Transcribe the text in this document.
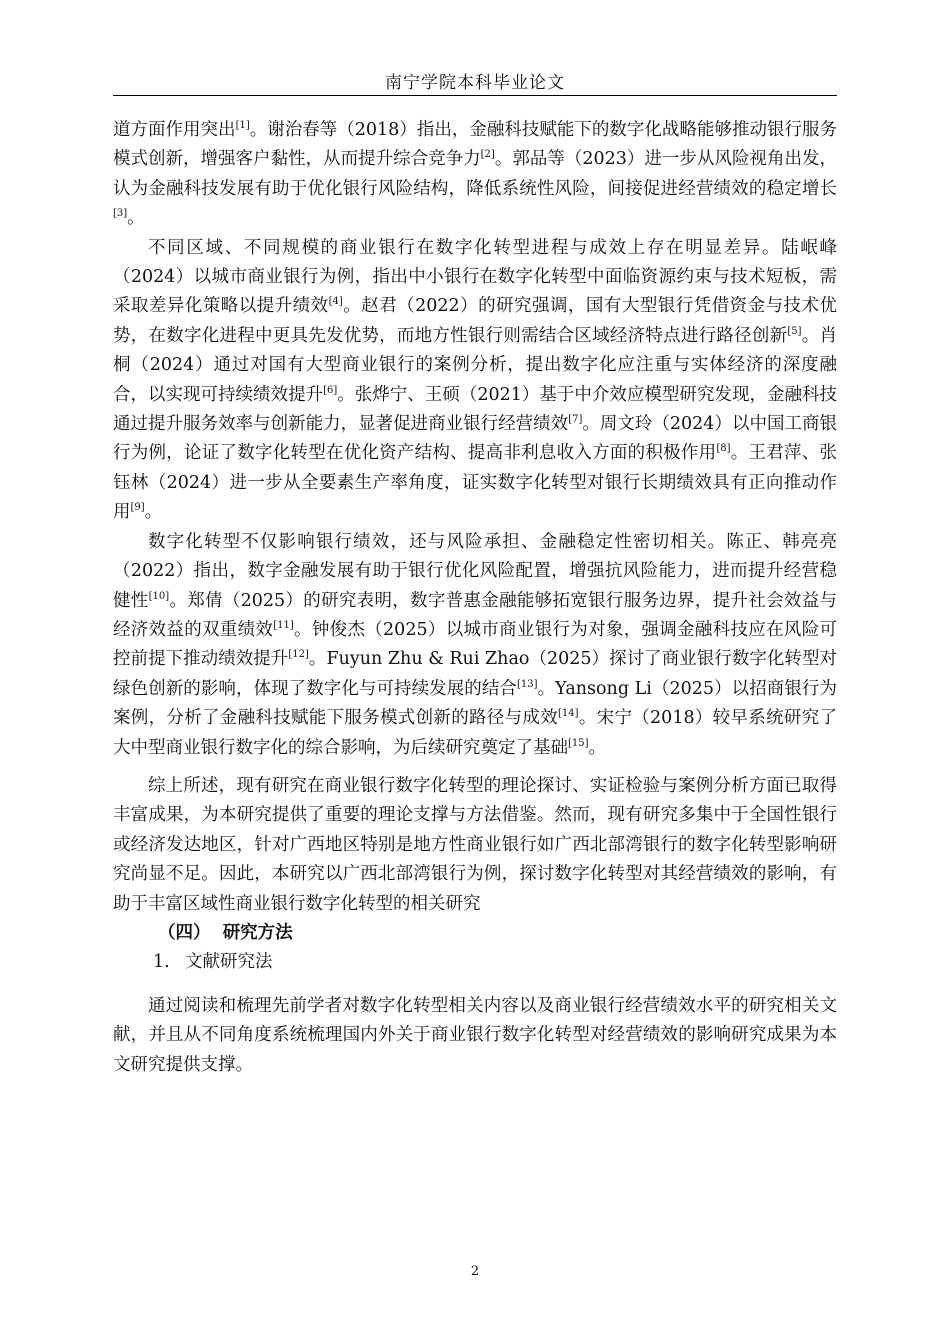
南宁学院本科毕业论文

道方面作用突出[1]。谢治春等（2018）指出，金融科技赋能下的数字化战略能够推动银行服务模式创新，增强客户黏性，从而提升综合竞争力[2]。郭品等（2023）进一步从风险视角出发，认为金融科技发展有助于优化银行风险结构，降低系统性风险，间接促进经营绩效的稳定增长[3]。

不同区域、不同规模的商业银行在数字化转型进程与成效上存在明显差异。陆岷峰（2024）以城市商业银行为例，指出中小银行在数字化转型中面临资源约束与技术短板，需采取差异化策略以提升绩效[4]。赵君（2022）的研究强调，国有大型银行凭借资金与技术优势，在数字化进程中更具先发优势，而地方性银行则需结合区域经济特点进行路径创新[5]。肖桐（2024）通过对国有大型商业银行的案例分析，提出数字化应注重与实体经济的深度融合，以实现可持续绩效提升[6]。张烨宁、王硕（2021）基于中介效应模型研究发现，金融科技通过提升服务效率与创新能力，显著促进商业银行经营绩效[7]。周文玲（2024）以中国工商银行为例，论证了数字化转型在优化资产结构、提高非利息收入方面的积极作用[8]。王君萍、张钰林（2024）进一步从全要素生产率角度，证实数字化转型对银行长期绩效具有正向推动作用[9]。

数字化转型不仅影响银行绩效，还与风险承担、金融稳定性密切相关。陈正、韩亮亮（2022）指出，数字金融发展有助于银行优化风险配置，增强抗风险能力，进而提升经营稳健性[10]。郑倩（2025）的研究表明，数字普惠金融能够拓宽银行服务边界，提升社会效益与经济效益的双重绩效[11]。钟俊杰（2025）以城市商业银行为对象，强调金融科技应在风险可控前提下推动绩效提升[12]。Fuyun Zhu & Rui Zhao（2025）探讨了商业银行数字化转型对绿色创新的影响，体现了数字化与可持续发展的结合[13]。Yansong Li（2025）以招商银行为案例，分析了金融科技赋能下服务模式创新的路径与成效[14]。宋宁（2018）较早系统研究了大中型商业银行数字化的综合影响，为后续研究奠定了基础[15]。

综上所述，现有研究在商业银行数字化转型的理论探讨、实证检验与案例分析方面已取得丰富成果，为本研究提供了重要的理论支撑与方法借鉴。然而，现有研究多集中于全国性银行或经济发达地区，针对广西地区特别是地方性商业银行如广西北部湾银行的数字化转型影响研究尚显不足。因此，本研究以广西北部湾银行为例，探讨数字化转型对其经营绩效的影响，有助于丰富区域性商业银行数字化转型的相关研究

（四） 研究方法

1. 文献研究法

通过阅读和梳理先前学者对数字化转型相关内容以及商业银行经营绩效水平的研究相关文献，并且从不同角度系统梳理国内外关于商业银行数字化转型对经营绩效的影响研究成果为本文研究提供支撑。

2
